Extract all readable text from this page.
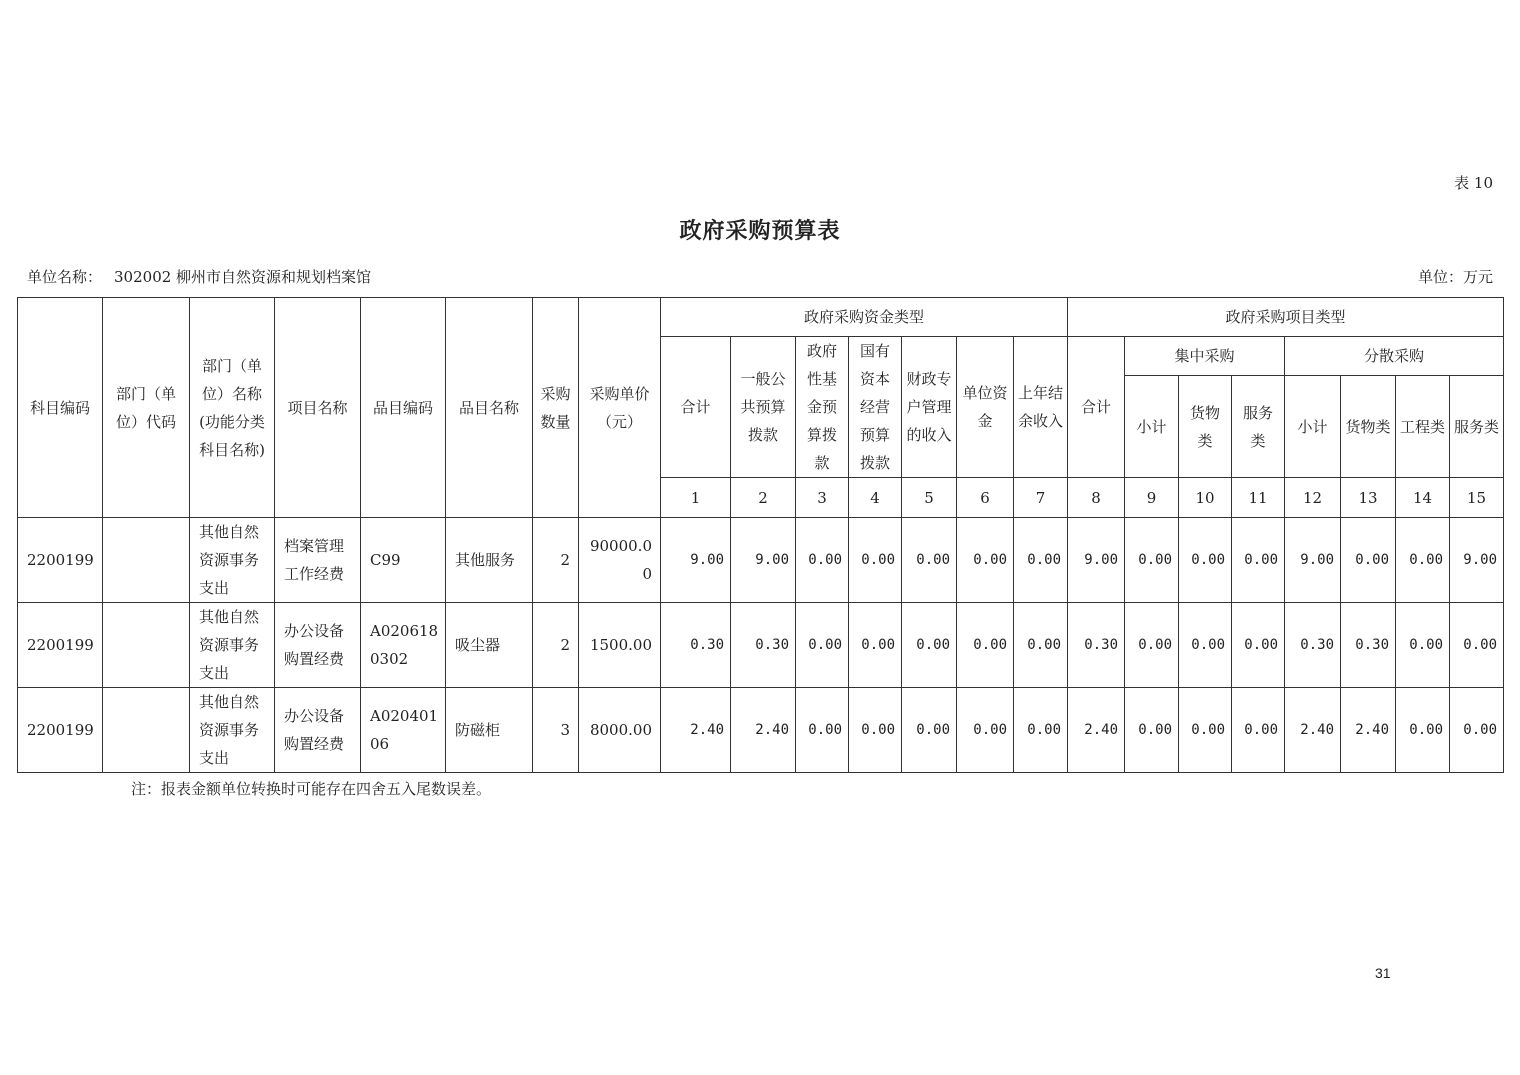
表 10
政府采购预算表
单位名称： 302002 柳州市自然资源和规划档案馆	单位：万元
科目编码	部门（单位）代码	部门（单位）名称(功能分类科目名称)	项目名称	品目编码	品目名称	采购数量	采购单价（元）	政府采购资金类型							政府采购项目类型							
								合计	一般公共预算拨款	政府性基金预算拨款	国有资本经营预算拨款	财政专户管理的收入	单位资金	上年结余收入	合计	集中采购			分散采购			
																小计	货物类	服务类	小计	货物类	工程类	服务类
								1	2	3	4	5	6	7	8	9	10	11	12	13	14	15
2200199		其他自然资源事务支出	档案管理工作经费	C99	其他服务	2	90000.00	9.00	9.00	0.00	0.00	0.00	0.00	0.00	9.00	0.00	0.00	0.00	9.00	0.00	0.00	9.00
2200199		其他自然资源事务支出	办公设备购置经费	A0206180302	吸尘器	2	1500.00	0.30	0.30	0.00	0.00	0.00	0.00	0.00	0.30	0.00	0.00	0.00	0.30	0.30	0.00	0.00
2200199		其他自然资源事务支出	办公设备购置经费	A02040106	防磁柜	3	8000.00	2.40	2.40	0.00	0.00	0.00	0.00	0.00	2.40	0.00	0.00	0.00	2.40	2.40	0.00	0.00
注：报表金额单位转换时可能存在四舍五入尾数误差。
31
